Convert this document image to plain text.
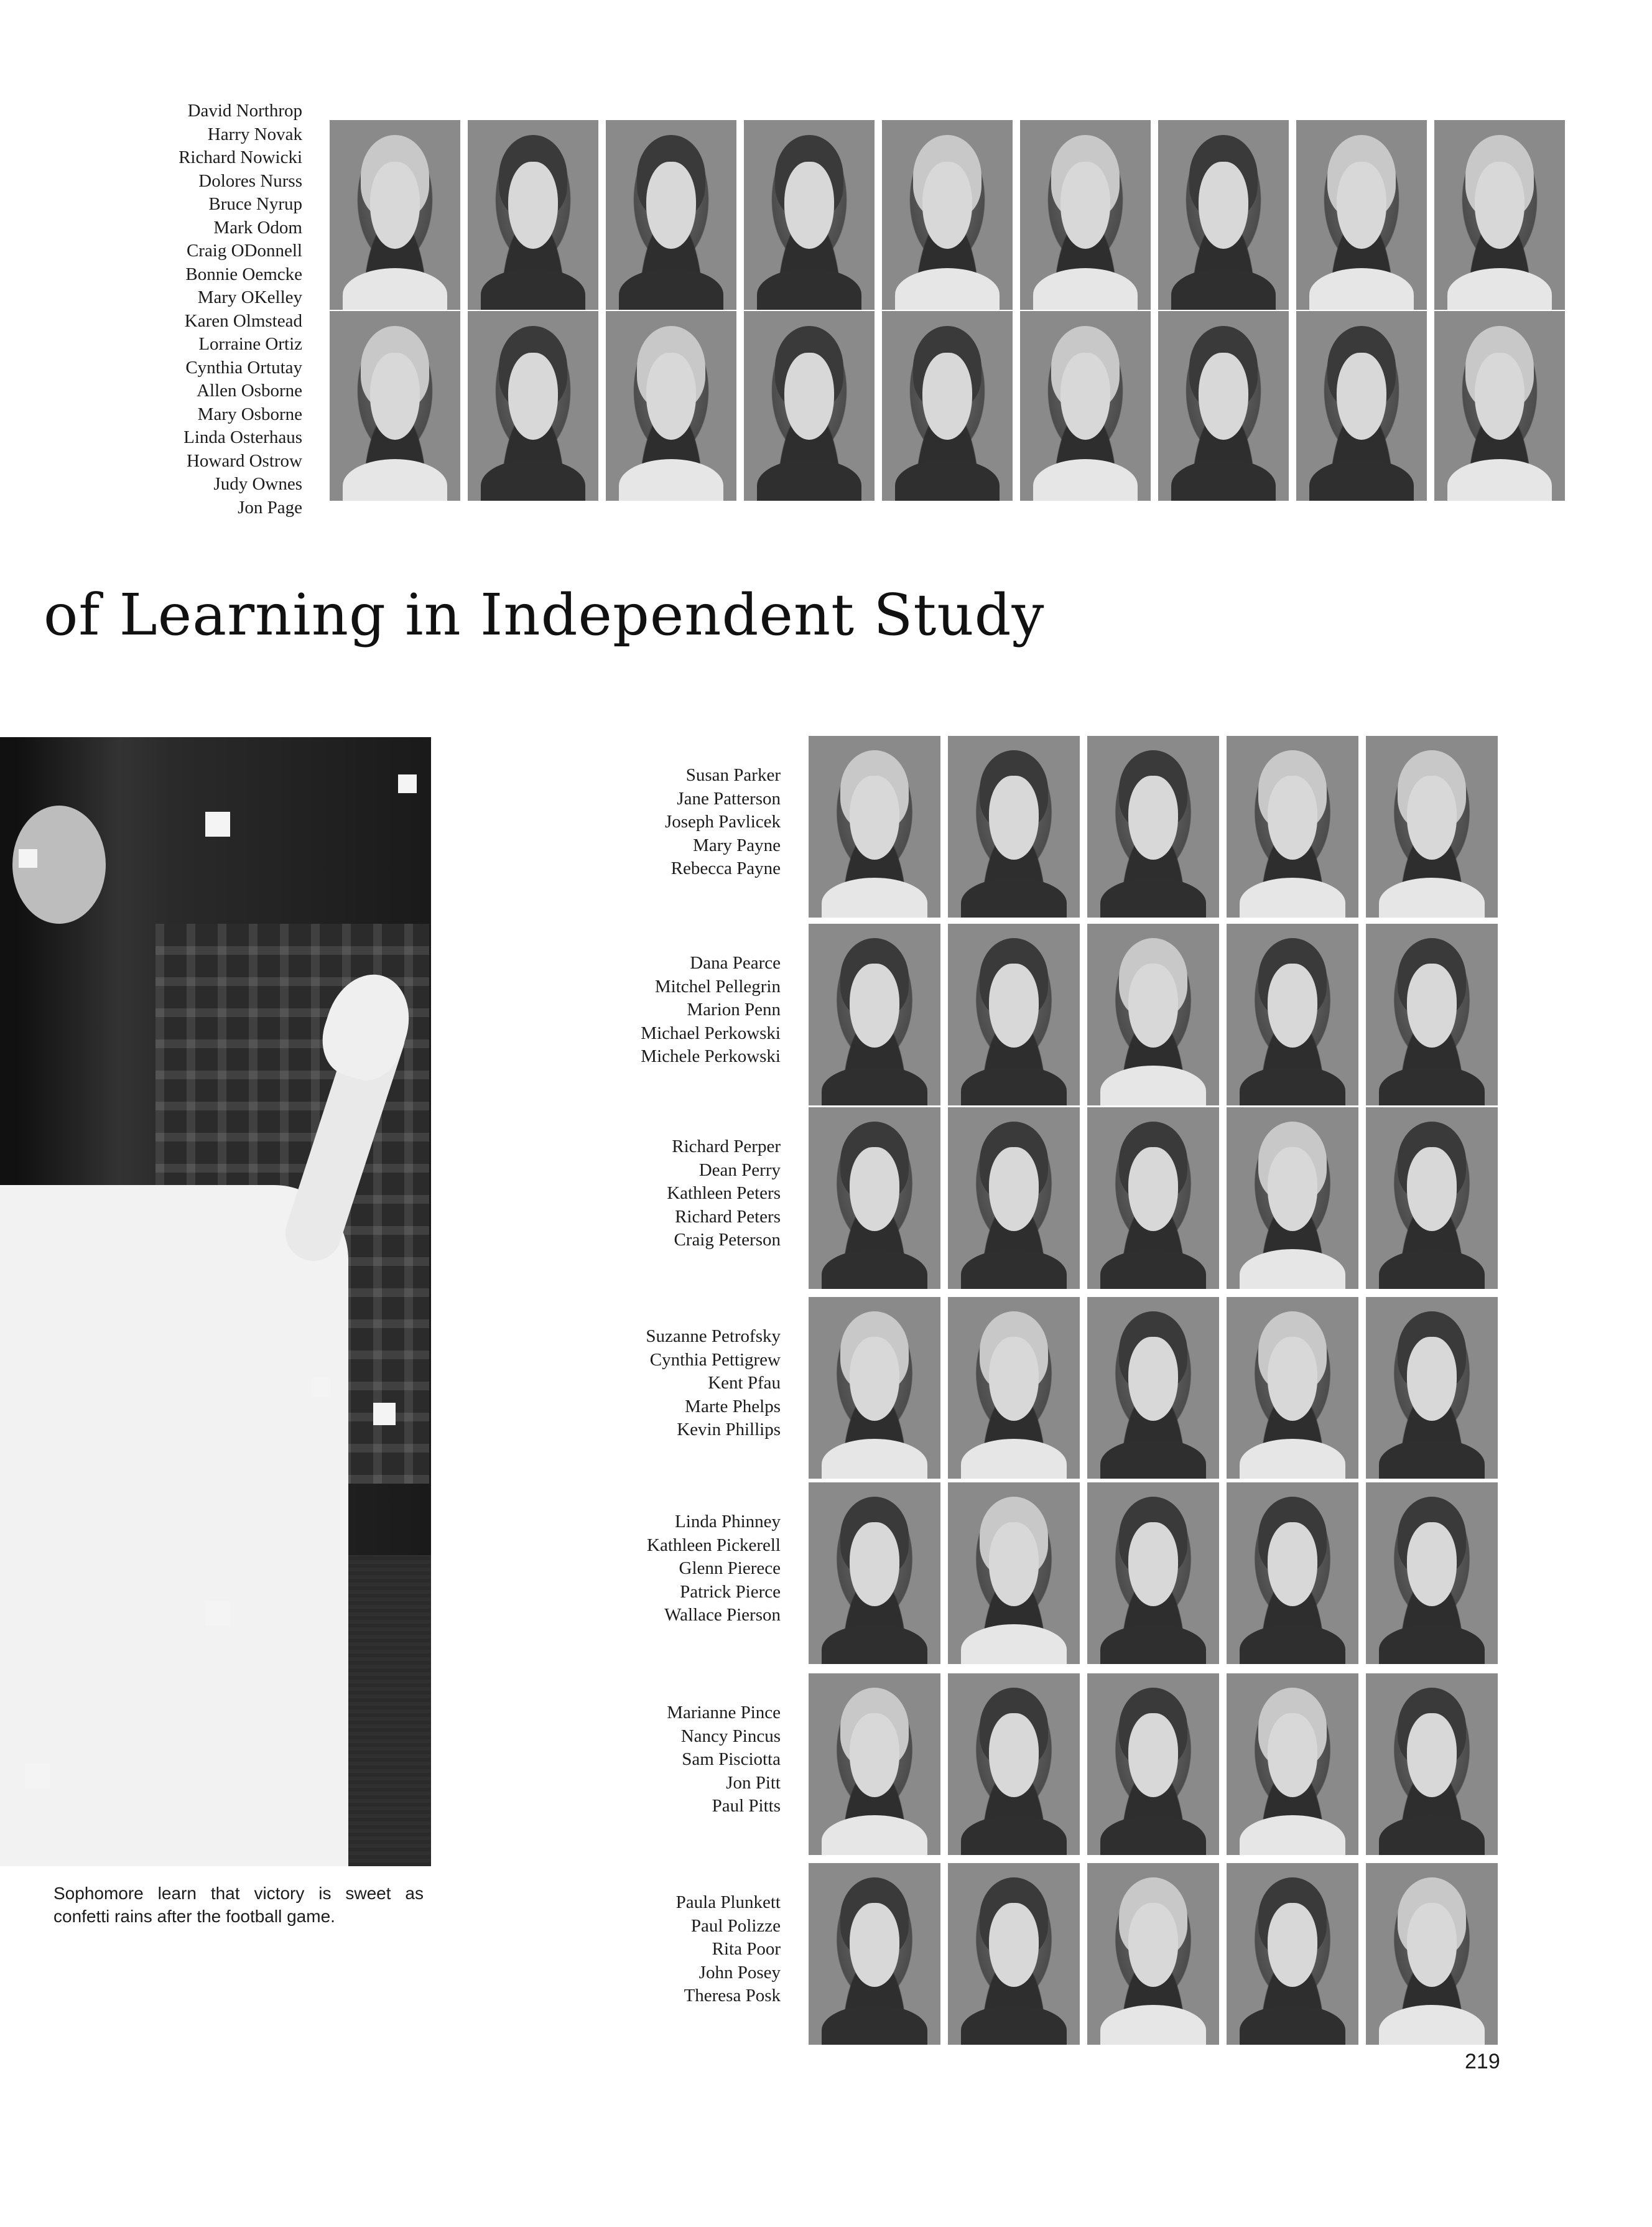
David Northrop
Harry Novak
Richard Nowicki
Dolores Nurss
Bruce Nyrup
Mark Odom
Craig ODonnell
Bonnie Oemcke
Mary OKelley
Karen Olmstead
Lorraine Ortiz
Cynthia Ortutay
Allen Osborne
Mary Osborne
Linda Osterhaus
Howard Ostrow
Judy Ownes
Jon Page
of Learning in Independent Study
Sophomore learn that victory is sweet as confetti rains after the football game.
Susan Parker
Jane Patterson
Joseph Pavlicek
Mary Payne
Rebecca Payne
Dana Pearce
Mitchel Pellegrin
Marion Penn
Michael Perkowski
Michele Perkowski
Richard Perper
Dean Perry
Kathleen Peters
Richard Peters
Craig Peterson
Suzanne Petrofsky
Cynthia Pettigrew
Kent Pfau
Marte Phelps
Kevin Phillips
Linda Phinney
Kathleen Pickerell
Glenn Pierece
Patrick Pierce
Wallace Pierson
Marianne Pince
Nancy Pincus
Sam Pisciotta
Jon Pitt
Paul Pitts
Paula Plunkett
Paul Polizze
Rita Poor
John Posey
Theresa Posk
219
